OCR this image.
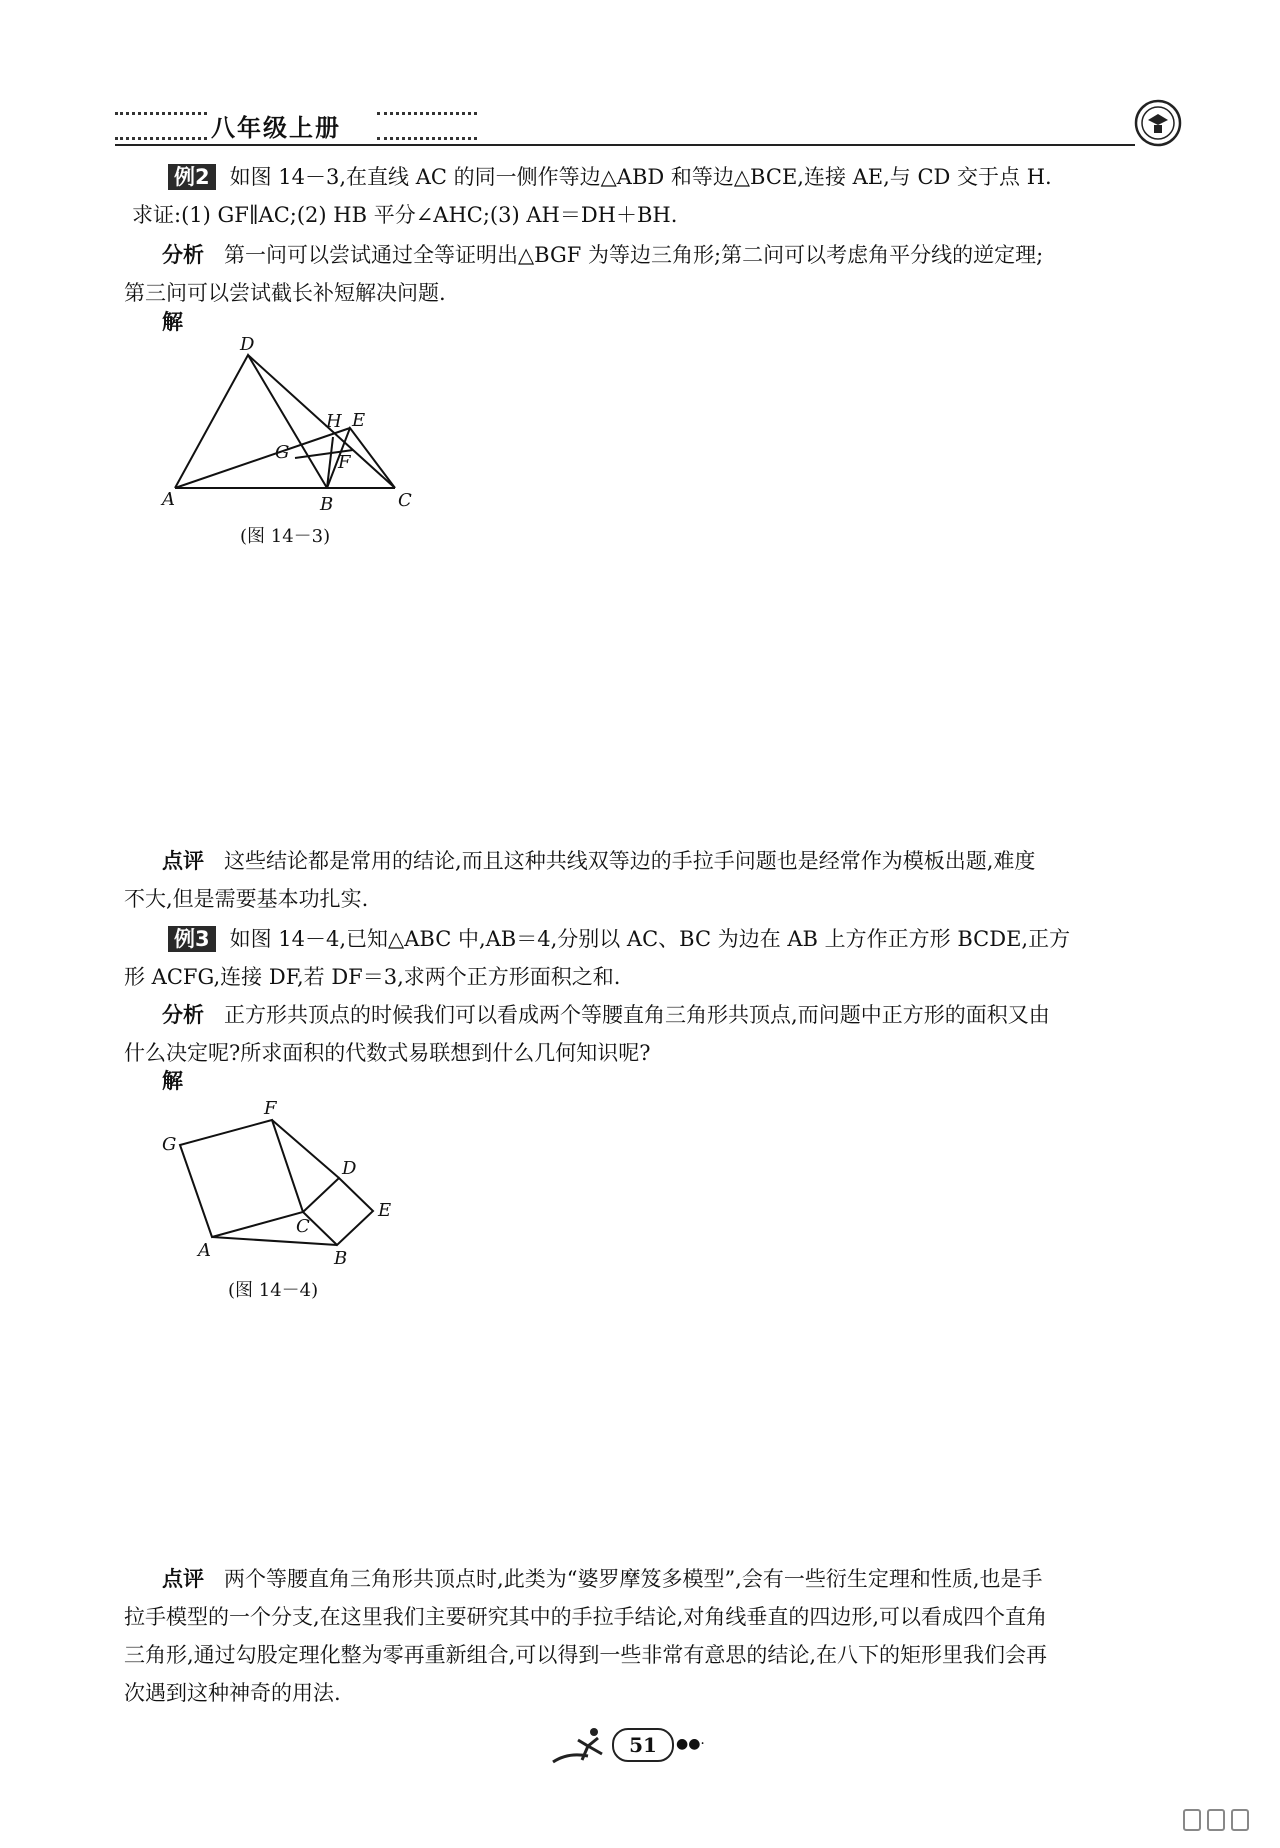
八年级上册

例2 如图 14－3,在直线 AC 的同一侧作等边△ABD 和等边△BCE,连接 AE,与 CD 交于点 H.

求证:(1) GF∥AC;(2) HB 平分∠AHC;(3) AH＝DH＋BH.

分析 第一问可以尝试通过全等证明出△BGF 为等边三角形;第二问可以考虑角平分线的逆定理;

第三问可以尝试截长补短解决问题.

解
D
H E
G	F
A	B	C
(图 14－3)

点评 这些结论都是常用的结论,而且这种共线双等边的手拉手问题也是经常作为模板出题,难度

不大,但是需要基本功扎实.

例3 如图 14－4,已知△ABC 中,AB＝4,分别以 AC、BC 为边在 AB 上方作正方形 BCDE,正方

形 ACFG,连接 DF,若 DF＝3,求两个正方形面积之和.

分析 正方形共顶点的时候我们可以看成两个等腰直角三角形共顶点,而问题中正方形的面积又由

什么决定呢?所求面积的代数式易联想到什么几何知识呢?

解
F
G
D
E
C
A	B
(图 14－4)

点评 两个等腰直角三角形共顶点时,此类为“婆罗摩笈多模型”,会有一些衍生定理和性质,也是手

拉手模型的一个分支,在这里我们主要研究其中的手拉手结论,对角线垂直的四边形,可以看成四个直角

三角形,通过勾股定理化整为零再重新组合,可以得到一些非常有意思的结论,在八下的矩形里我们会再

次遇到这种神奇的用法.

51	●●·
